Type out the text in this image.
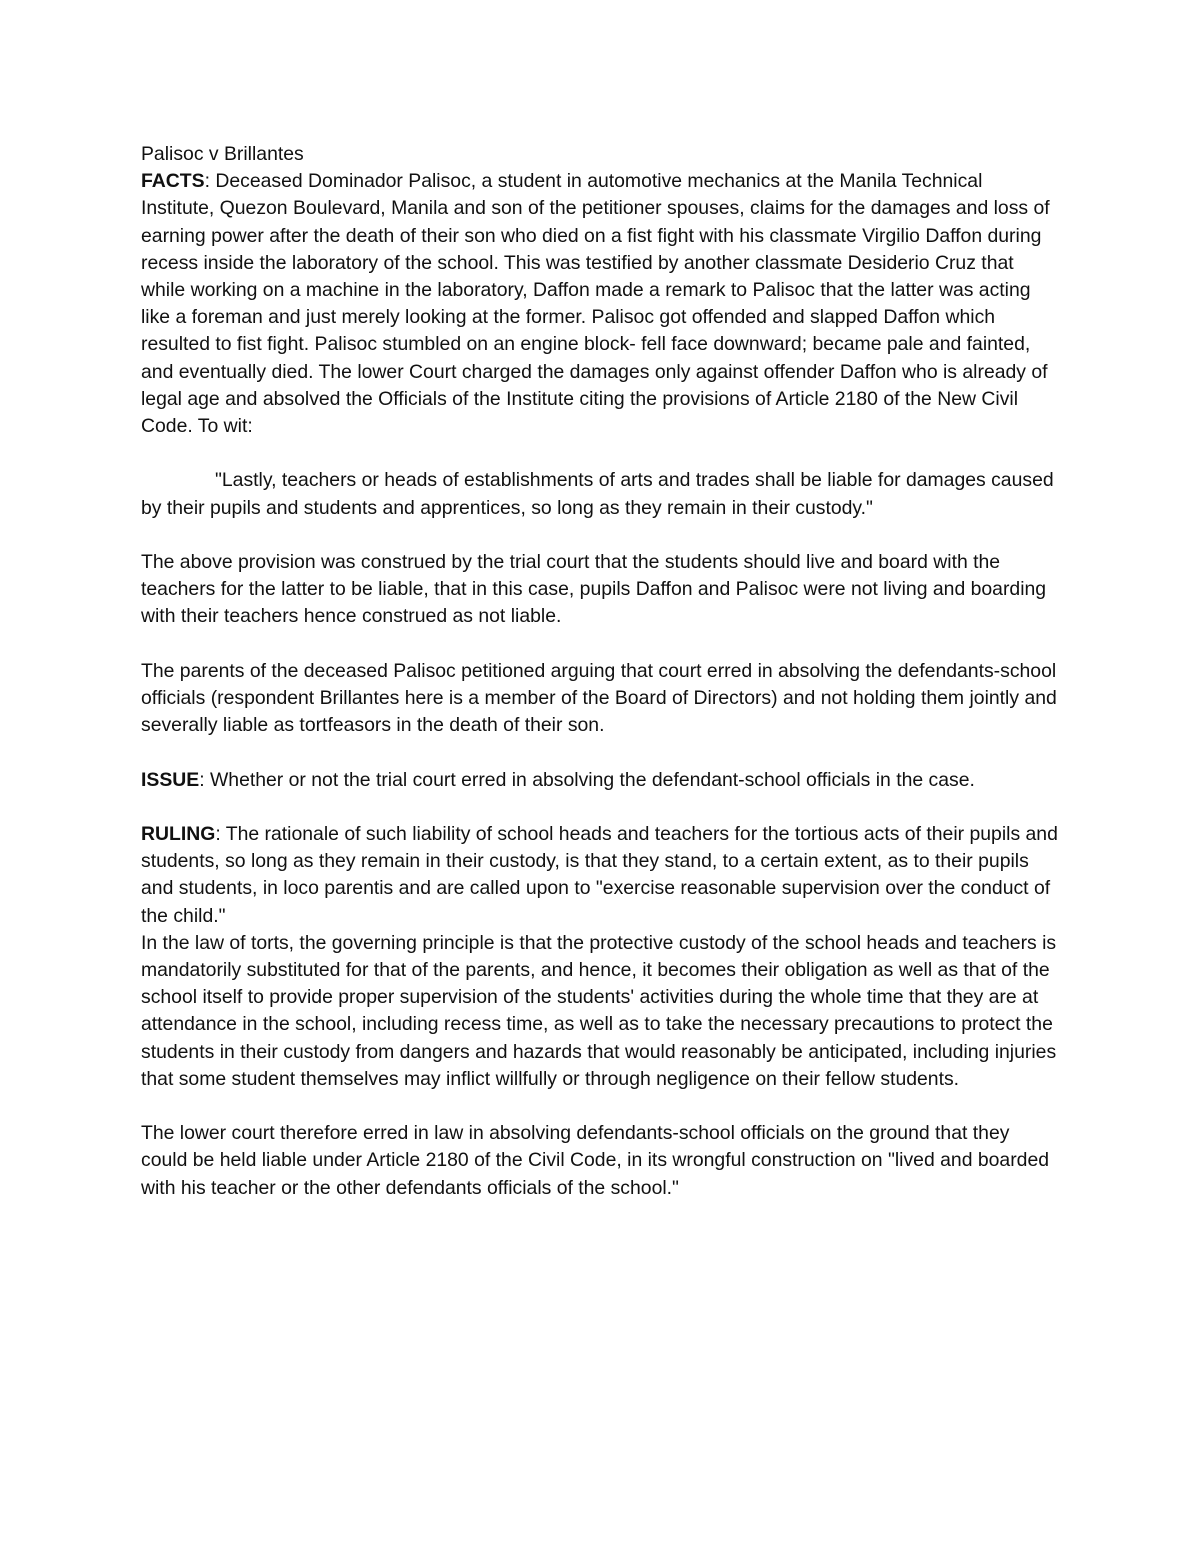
Palisoc v Brillantes

FACTS: Deceased Dominador Palisoc, a student in automotive mechanics at the Manila Technical Institute, Quezon Boulevard, Manila and son of the petitioner spouses, claims for the damages and loss of earning power after the death of their son who died on a fist fight with his classmate Virgilio Daffon during recess inside the laboratory of the school. This was testified by another classmate Desiderio Cruz that while working on a machine in the laboratory, Daffon made a remark to Palisoc that the latter was acting like a foreman and just merely looking at the former. Palisoc got offended and slapped Daffon which resulted to fist fight. Palisoc stumbled on an engine block- fell face downward; became pale and fainted, and eventually died. The lower Court charged the damages only against offender Daffon who is already of legal age and absolved the Officials of the Institute citing the provisions of Article 2180 of the New Civil Code. To wit:

"Lastly, teachers or heads of establishments of arts and trades shall be liable for damages caused by their pupils and students and apprentices, so long as they remain in their custody."

The above provision was construed by the trial court that the students should live and board with the teachers for the latter to be liable, that in this case, pupils Daffon and Palisoc were not living and boarding with their teachers hence construed as not liable.

The parents of the deceased Palisoc petitioned arguing that court erred in absolving the defendants-school officials (respondent Brillantes here is a member of the Board of Directors) and not holding them jointly and severally liable as tortfeasors in the death of their son.

ISSUE: Whether or not the trial court erred in absolving the defendant-school officials in the case.

RULING: The rationale of such liability of school heads and teachers for the tortious acts of their pupils and students, so long as they remain in their custody, is that they stand, to a certain extent, as to their pupils and students, in loco parentis and are called upon to "exercise reasonable supervision over the conduct of the child."

In the law of torts, the governing principle is that the protective custody of the school heads and teachers is mandatorily substituted for that of the parents, and hence, it becomes their obligation as well as that of the school itself to provide proper supervision of the students' activities during the whole time that they are at attendance in the school, including recess time, as well as to take the necessary precautions to protect the students in their custody from dangers and hazards that would reasonably be anticipated, including injuries that some student themselves may inflict willfully or through negligence on their fellow students.

The lower court therefore erred in law in absolving defendants-school officials on the ground that they could be held liable under Article 2180 of the Civil Code, in its wrongful construction on "lived and boarded with his teacher or the other defendants officials of the school."
